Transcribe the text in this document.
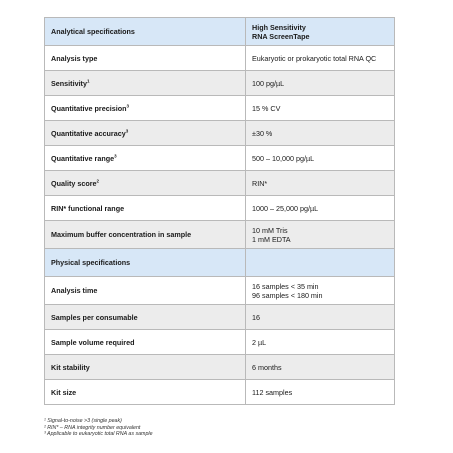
Analytical specifications	High Sensitivity
RNA ScreenTape

Analysis type	Eukaryotic or prokaryotic total RNA QC

Sensitivity$^1$	100 pg/µL

Quantitative precision$^3$	15 % CV

Quantitative accuracy$^3$	±30 %

Quantitative range$^3$	500 – 10,000 pg/µL

Quality score$^2$	RIN*

RIN* functional range	1000 – 25,000 pg/µL

Maximum buffer concentration in sample	10 mM Tris
1 mM EDTA

Physical specifications	
Analysis time	16 samples < 35 min
96 samples < 180 min

Samples per consumable	16

Sample volume required	2 µL

Kit stability	6 months

Kit size	112 samples
¹ Signal-to-noise >3 (single peak)
² RIN* – RNA integrity number equivalent
³ Applicable to eukaryotic total RNA as sample
